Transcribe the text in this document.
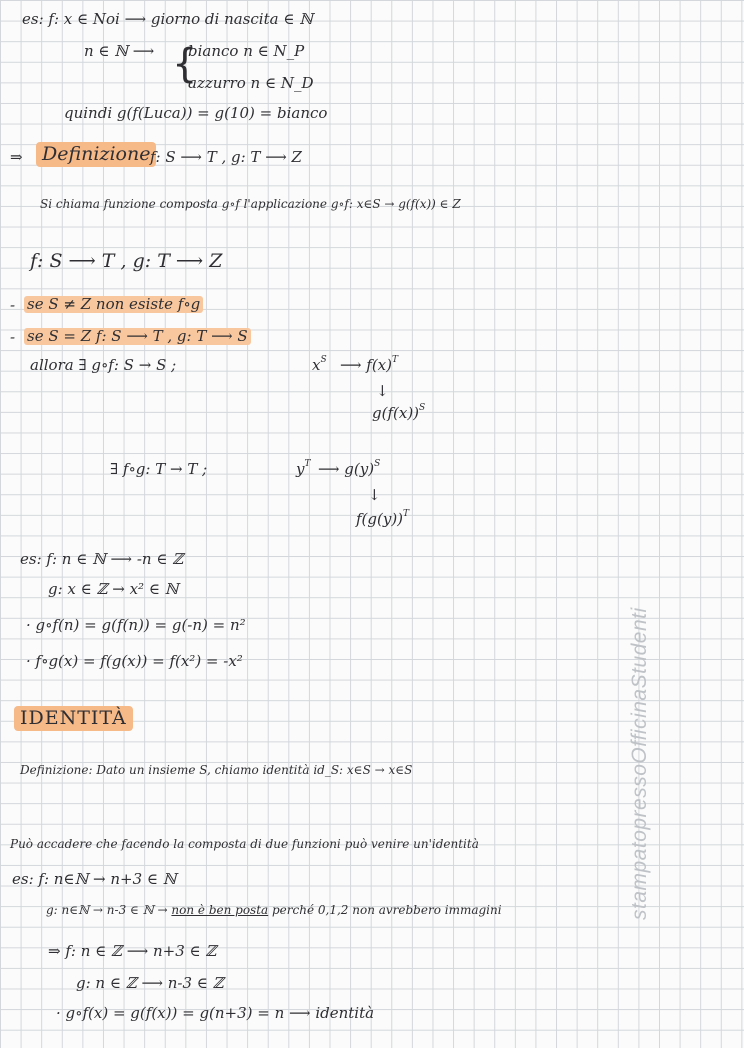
es: f: x ∈ Noi ⟶ giorno di nascita ∈ ℕ
n ∈ ℕ ⟶ {
bianco n ∈ N_P
azzurro n ∈ N_D
quindi g(f(Luca)) = g(10) = bianco
⇒	Definizione f: S ⟶ T , g: T ⟶ Z
Si chiama funzione composta g∘f l'applicazione g∘f: x∈S → g(f(x)) ∈ Z
f: S ⟶ T , g: T ⟶ Z
- se S ≠ Z non esiste f∘g
- se S = Z f: S ⟶ T , g: T ⟶ S
allora ∃ g∘f: S → S ;	$x^S$ ⟶ $f(x)^T$
↓
$g(f(x))^S$
∃ f∘g: T → T ;	$y^T$ ⟶ $g(y)^S$
↓
$f(g(y))^T$
es: f: n ∈ ℕ ⟶ -n ∈ ℤ
g: x ∈ ℤ → x² ∈ ℕ
· g∘f(n) = g(f(n)) = g(-n) = n²
· f∘g(x) = f(g(x)) = f(x²) = -x²
IDENTITÀ
Definizione: Dato un insieme S, chiamo identità id_S: x∈S → x∈S
Può accadere che facendo la composta di due funzioni può venire un'identità
es: f: n∈ℕ → n+3 ∈ ℕ
g: n∈ℕ → n-3 ∈ ℕ → non è ben posta perché 0,1,2 non avrebbero immagini
⇒ f: n ∈ ℤ ⟶ n+3 ∈ ℤ
g: n ∈ ℤ ⟶ n-3 ∈ ℤ
· g∘f(x) = g(f(x)) = g(n+3) = n ⟶ identità
stampatopressoOfficinaStudenti
